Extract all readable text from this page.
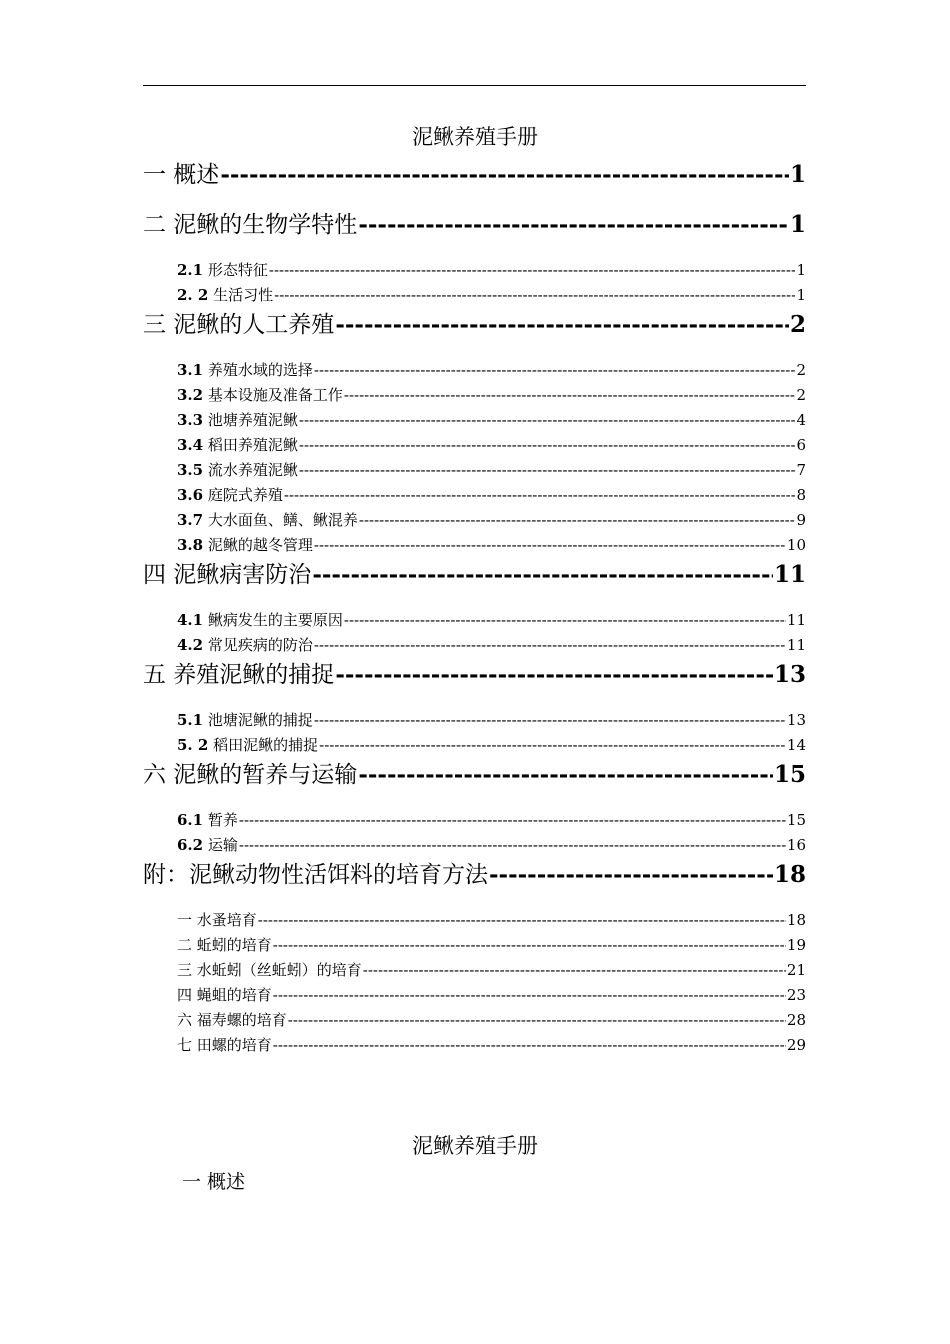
泥鳅养殖手册
一 概述 -----	1
二 泥鳅的生物学特性 -----	1
2.1 形态特征 -----	1
2. 2 生活习性 -----	1
三 泥鳅的人工养殖 -----	2
3.1 养殖水域的选择 -----	2
3.2 基本设施及准备工作 -----	2
3.3 池塘养殖泥鳅 -----	4
3.4 稻田养殖泥鳅 -----	6
3.5 流水养殖泥鳅 -----	7
3.6 庭院式养殖 -----	8
3.7 大水面鱼、鳝、鳅混养 -----	9
3.8 泥鳅的越冬管理 -----	10
四 泥鳅病害防治 -----	11
4.1 鳅病发生的主要原因 -----	11
4.2 常见疾病的防治 -----	11
五 养殖泥鳅的捕捉 -----	13
5.1 池塘泥鳅的捕捉 -----	13
5. 2 稻田泥鳅的捕捉 -----	14
六 泥鳅的暂养与运输 -----	15
6.1 暂养 -----	15
6.2 运输 -----	16
附：泥鳅动物性活饵料的培育方法 -----	18
一 水蚤培育 -----	18
二 蚯蚓的培育 -----	19
三 水蚯蚓（丝蚯蚓）的培育 -----	21
四 蝇蛆的培育 -----	23
六 福寿螺的培育 -----	28
七 田螺的培育 -----	29
泥鳅养殖手册
一 概述
